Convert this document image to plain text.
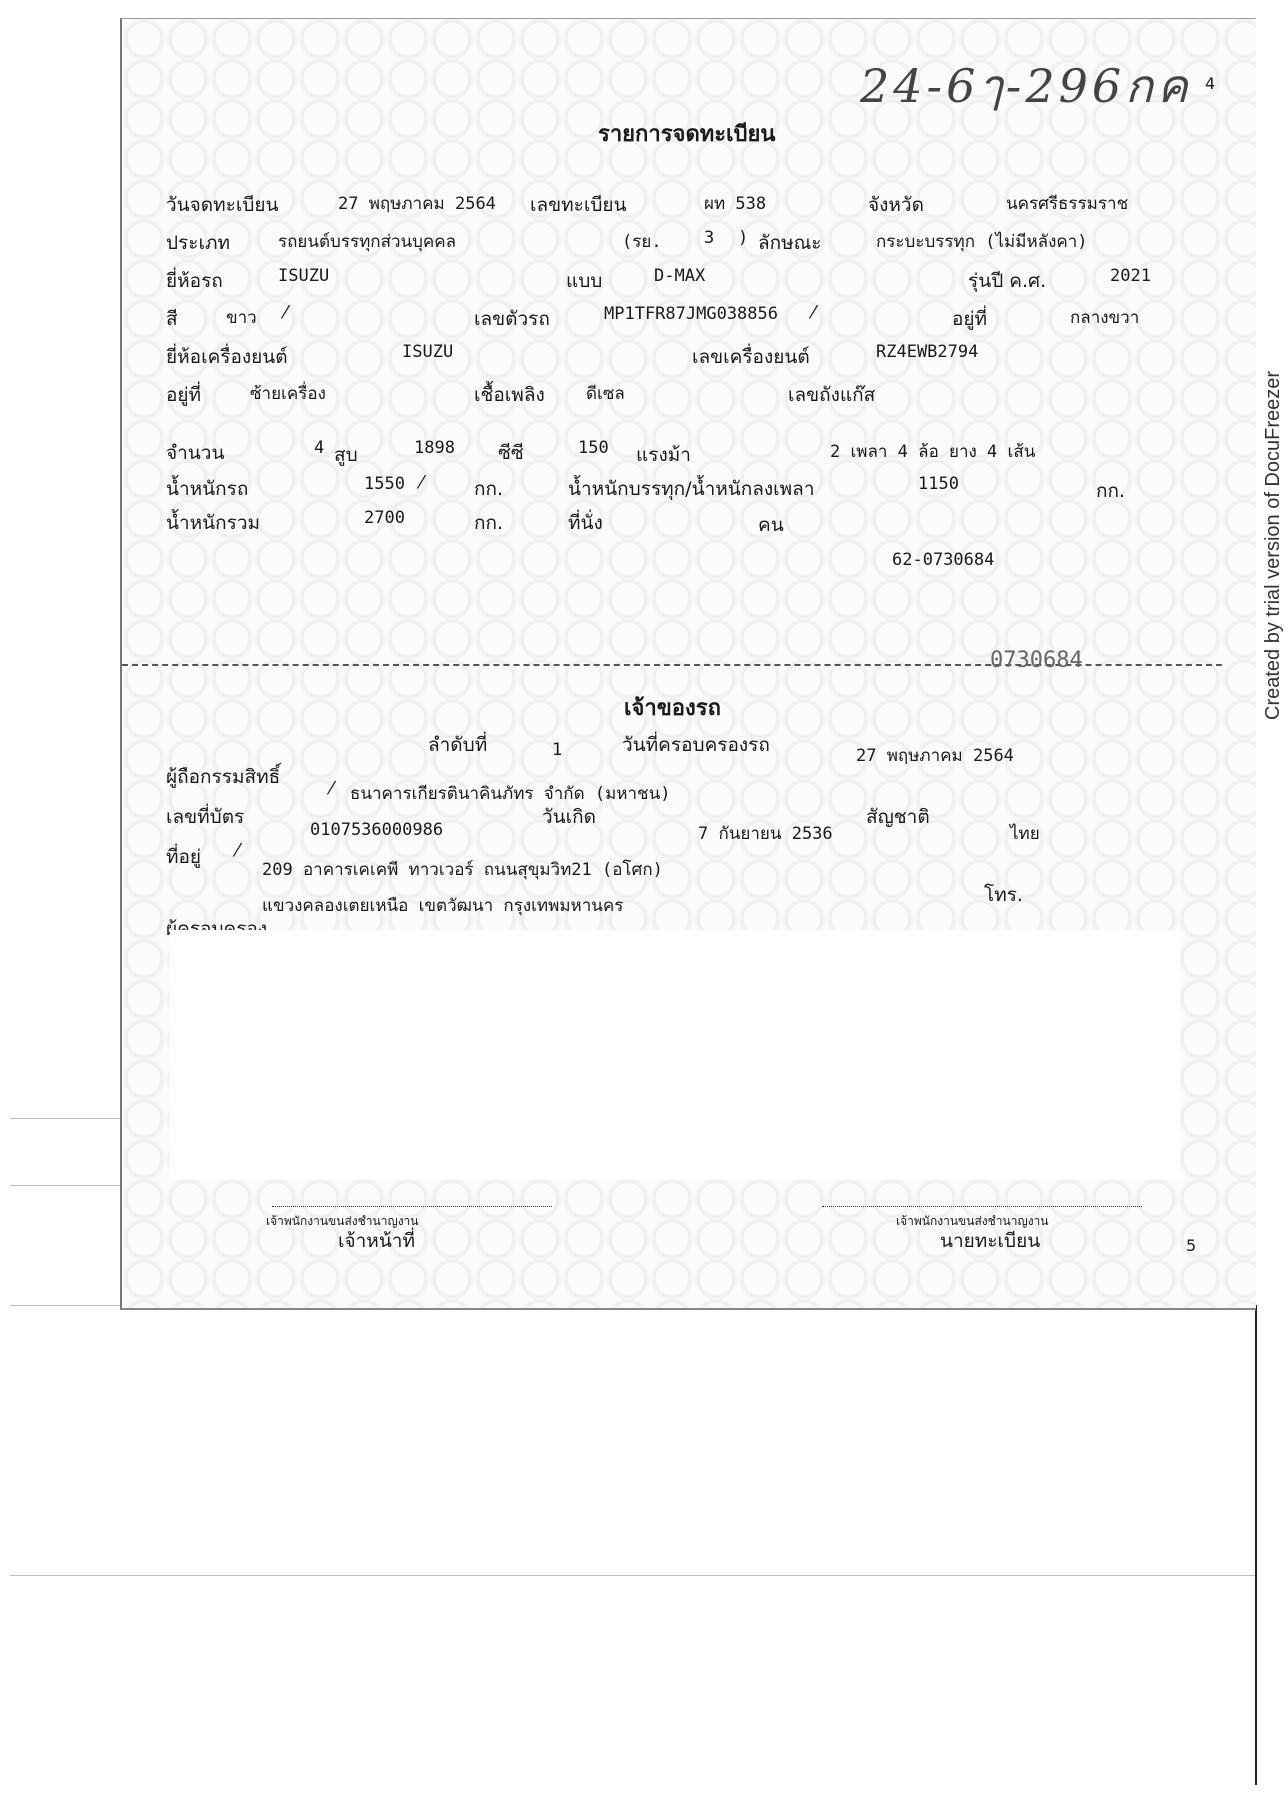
24-6ๅ-296กค 4
รายการจดทะเบียน
วันจดทะเบียน	27 พฤษภาคม 2564 เลขทะเบียน	ผท 538	จังหวัด	นครศรีธรรมราช
ประเภท	รถยนต์บรรทุกส่วนบุคคล	(รย. 3 ) ลักษณะ	กระบะบรรทุก (ไม่มีหลังคา)
ยี่ห้อรถ	ISUZU	แบบ	D-MAX	รุ่นปี ค.ศ.	2021
สี	ขาว ⁄	เลขตัวรถ	MP1TFR87JMG038856 ⁄	อยู่ที่	กลางขวา
ยี่ห้อเครื่องยนต์	ISUZU	เลขเครื่องยนต์	RZ4EWB2794
อยู่ที่	ซ้ายเครื่อง	เชื้อเพลิง ดีเซล	เลขถังแก๊ส
จำนวน	4 สูบ	1898 ซีซี	150 แรงม้า	2 เพลา 4 ล้อ ยาง 4 เส้น
น้ำหนักรถ	1550 ⁄	กก.	น้ำหนักบรรทุก/น้ำหนักลงเพลา	1150	กก.
น้ำหนักรวม	2700	กก.	ที่นั่ง	คน
62-0730684
0730684
เจ้าของรถ
ลำดับที่	1	วันที่ครอบครองรถ	27 พฤษภาคม 2564
ผู้ถือกรรมสิทธิ์
⁄ ธนาคารเกียรตินาคินภัทร จำกัด (มหาชน)
เลขที่บัตร	วันเกิด	สัญชาติ
0107536000986	7 กันยายน 2536	ไทย
ที่อยู่ ⁄
209 อาคารเคเคพี ทาวเวอร์ ถนนสุขุมวิท21 (อโศก)
แขวงคลองเตยเหนือ เขตวัฒนา กรุงเทพมหานคร	โทร.
เจ้าพนักงานขนส่งชำนาญงาน
เจ้าหน้าที่
เจ้าพนักงานขนส่งชำนาญงาน
นายทะเบียน	5
Created by trial version of DocuFreezer
